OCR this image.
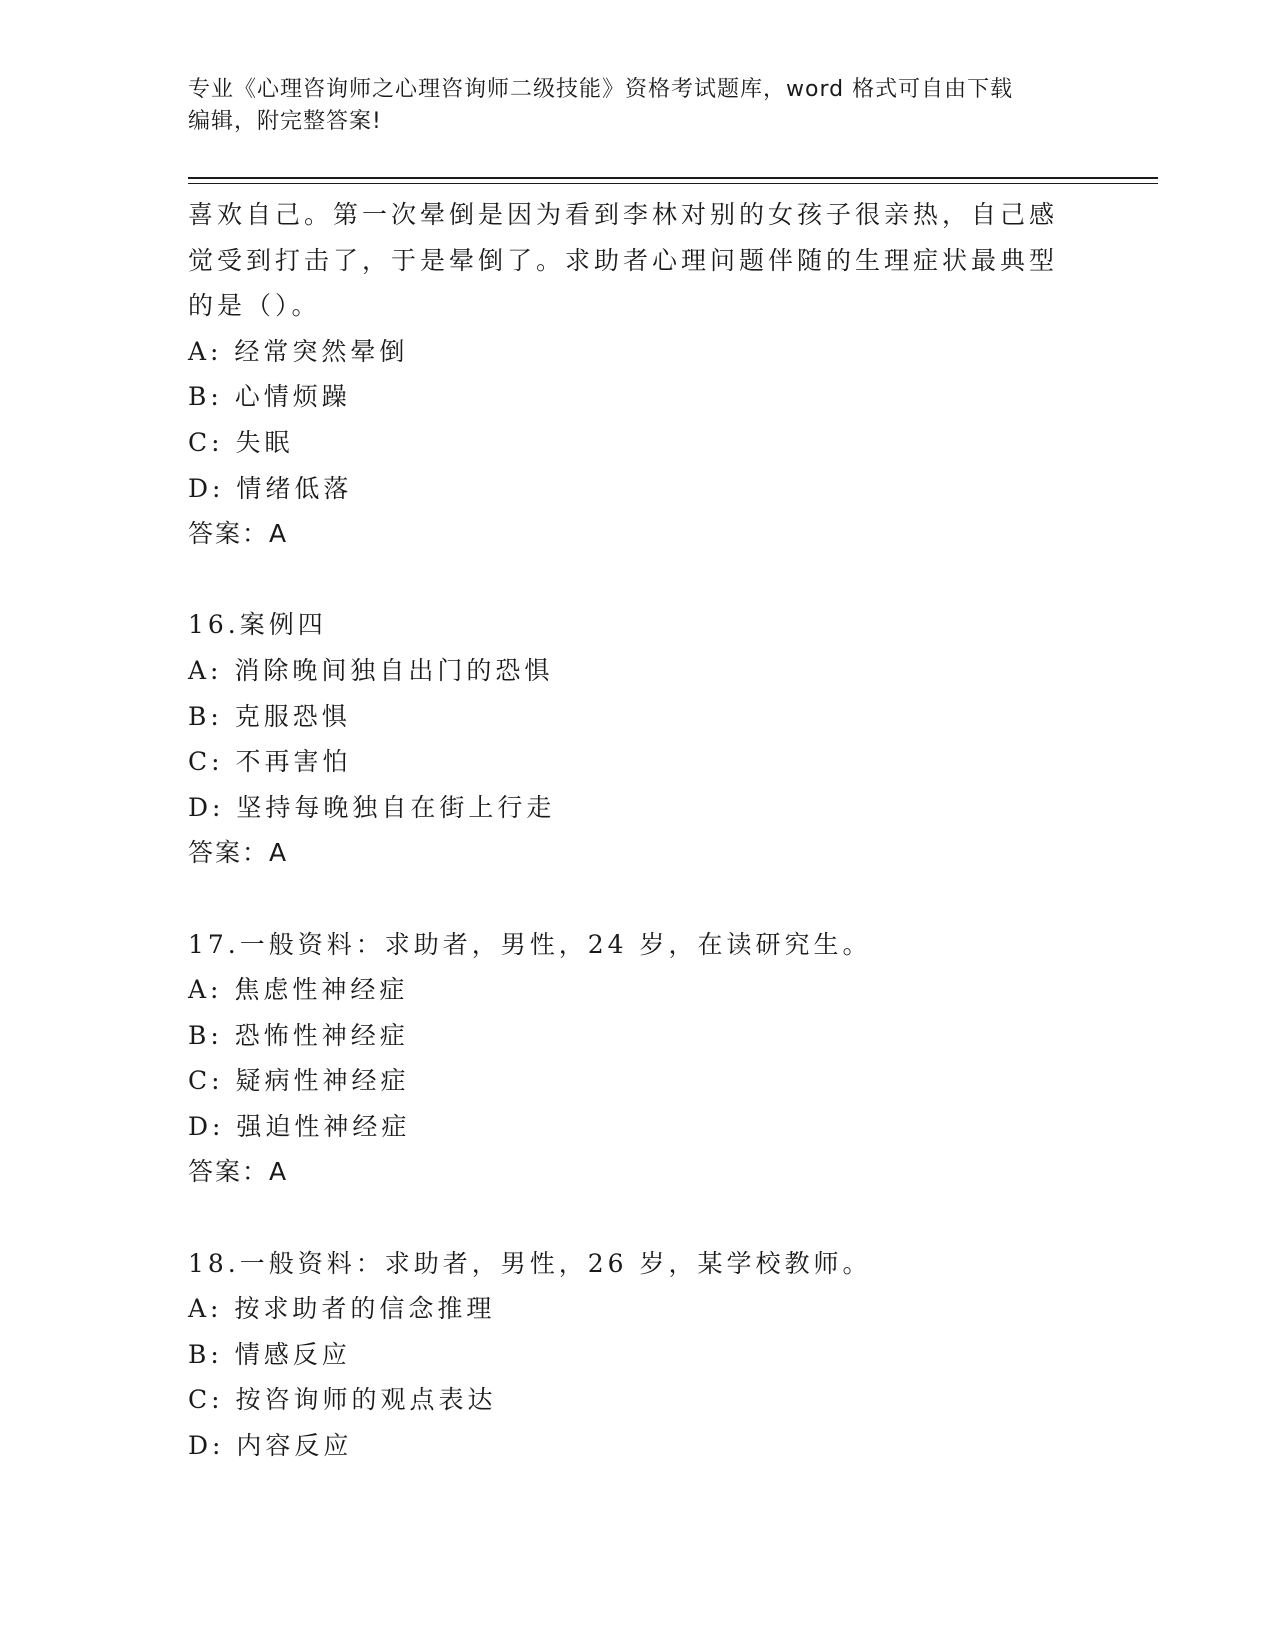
专业《心理咨询师之心理咨询师二级技能》资格考试题库，word 格式可自由下载
编辑，附完整答案!
喜欢自己。第一次晕倒是因为看到李林对别的女孩子很亲热，自己感
觉受到打击了，于是晕倒了。求助者心理问题伴随的生理症状最典型
的是（）。
A: 经常突然晕倒
B: 心情烦躁
C: 失眠
D: 情绪低落
答案：A
16.案例四
A: 消除晚间独自出门的恐惧
B: 克服恐惧
C: 不再害怕
D: 坚持每晚独自在街上行走
答案：A
17.一般资料：求助者，男性，24 岁，在读研究生。
A: 焦虑性神经症
B: 恐怖性神经症
C: 疑病性神经症
D: 强迫性神经症
答案：A
18.一般资料：求助者，男性，26 岁，某学校教师。
A: 按求助者的信念推理
B: 情感反应
C: 按咨询师的观点表达
D: 内容反应
